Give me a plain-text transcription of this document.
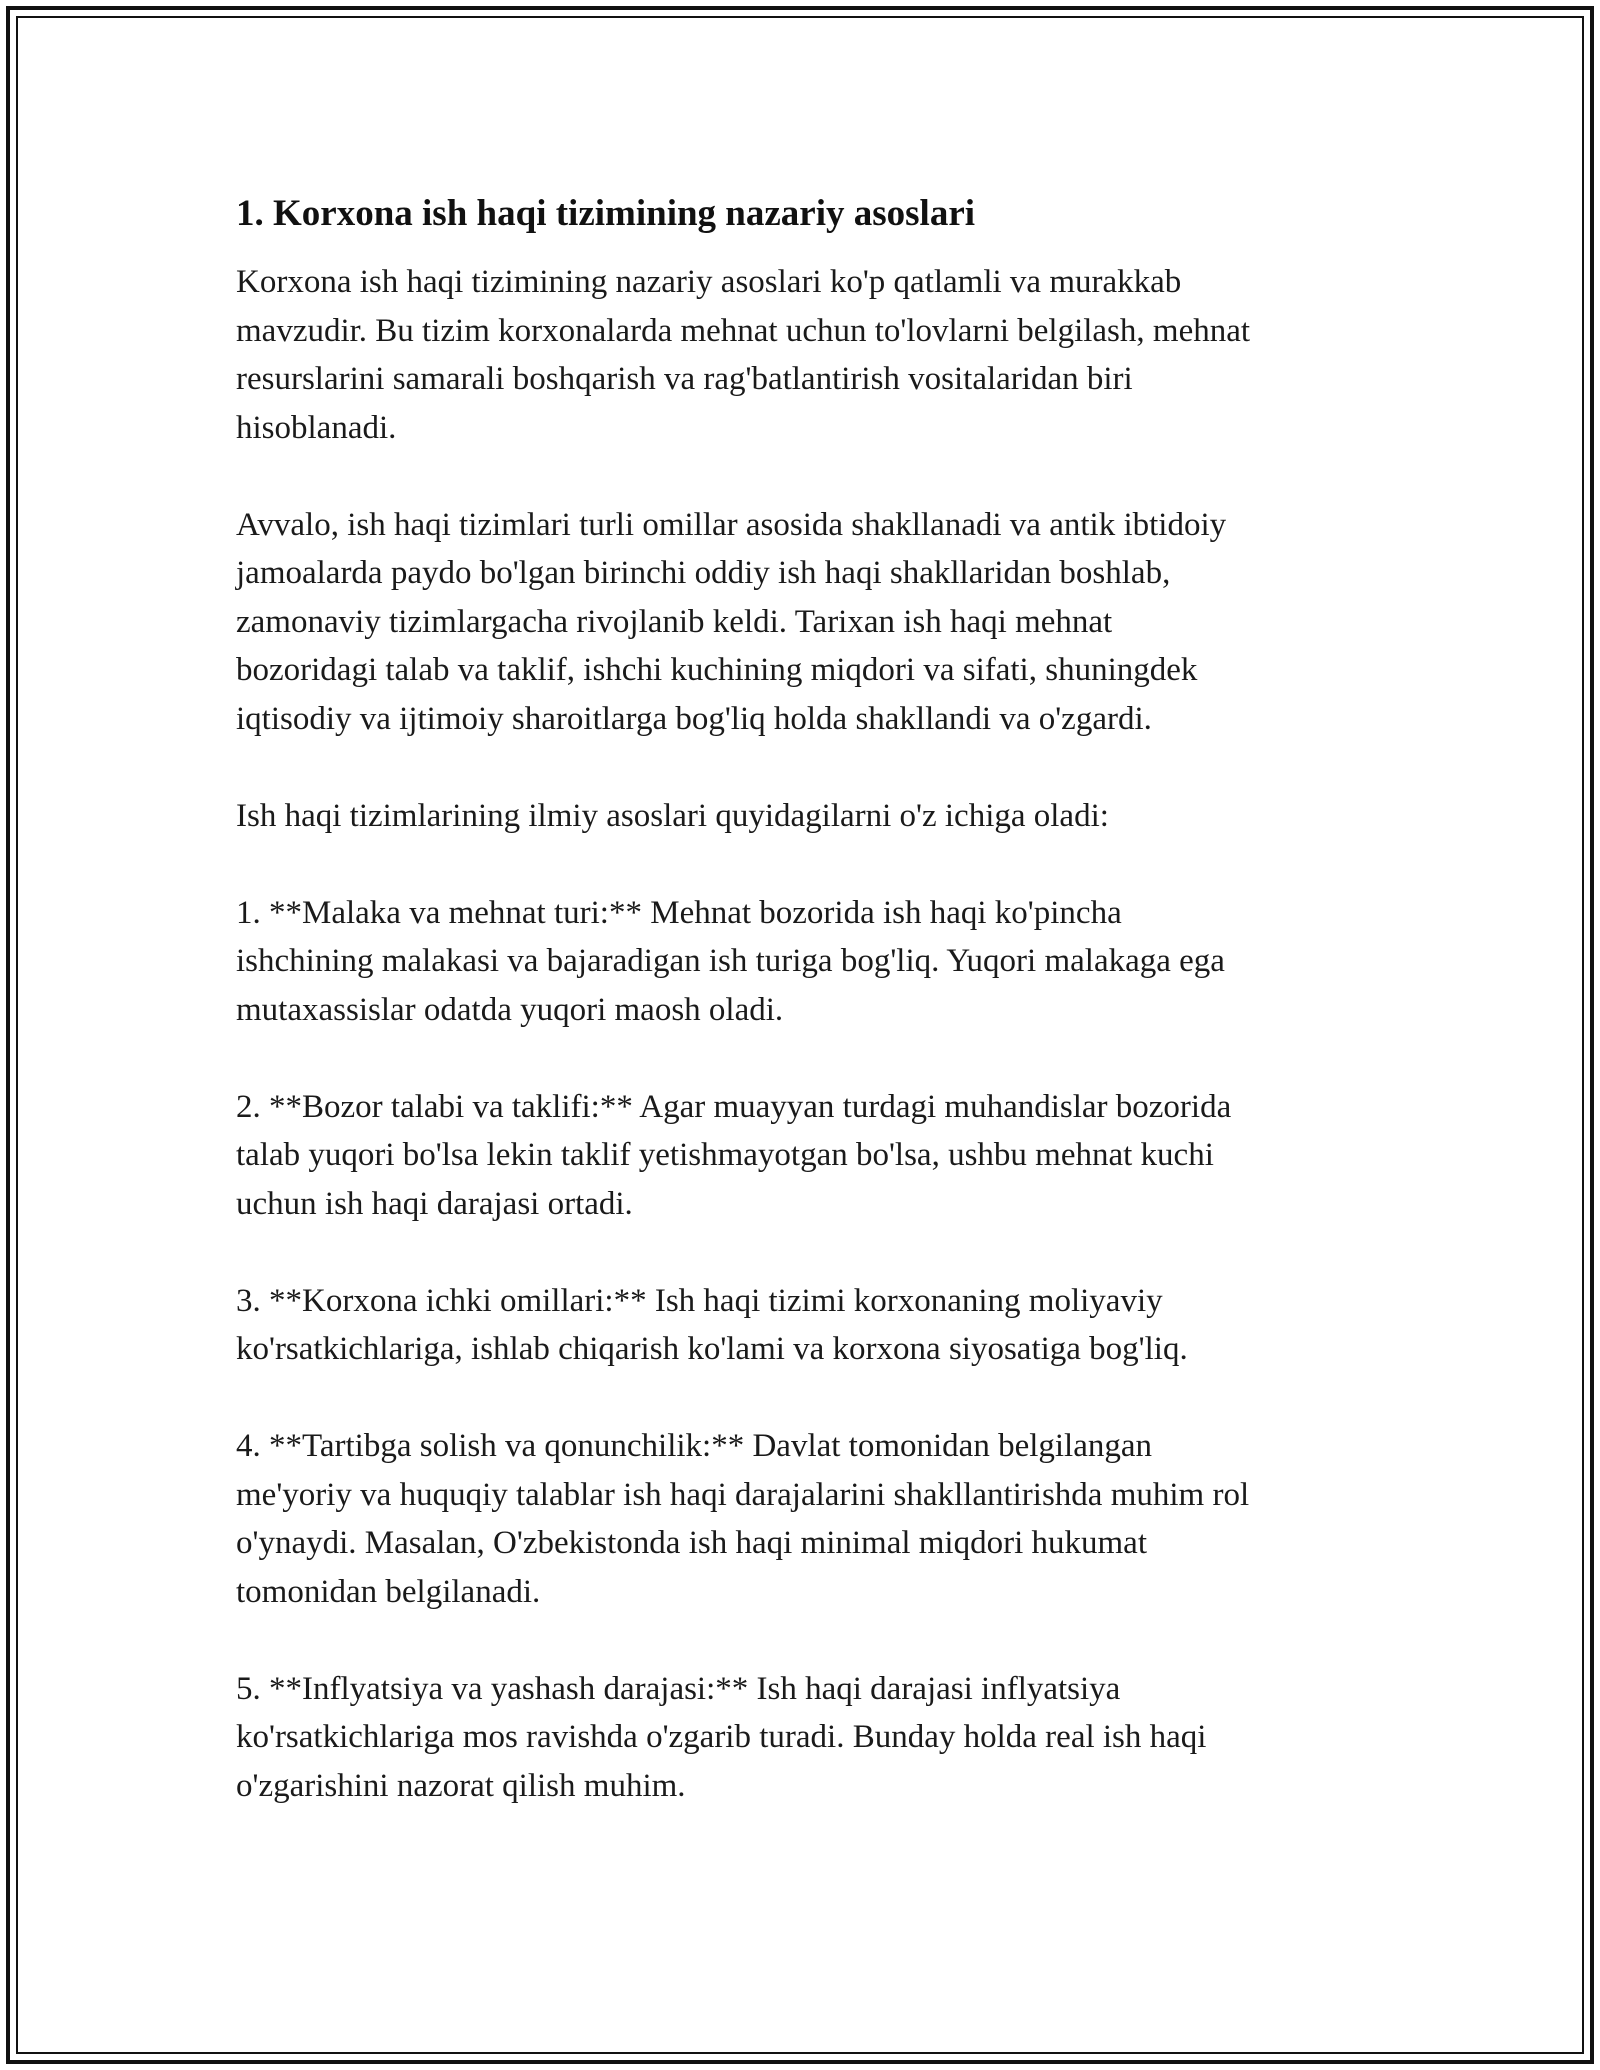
1. Korxona ish haqi tizimining nazariy asoslari
Korxona ish haqi tizimining nazariy asoslari ko'p qatlamli va murakkab
mavzudir. Bu tizim korxonalarda mehnat uchun to'lovlarni belgilash, mehnat
resurslarini samarali boshqarish va rag'batlantirish vositalaridan biri
hisoblanadi.
Avvalo, ish haqi tizimlari turli omillar asosida shakllanadi va antik ibtidoiy
jamoalarda paydo bo'lgan birinchi oddiy ish haqi shakllaridan boshlab,
zamonaviy tizimlargacha rivojlanib keldi. Tarixan ish haqi mehnat
bozoridagi talab va taklif, ishchi kuchining miqdori va sifati, shuningdek
iqtisodiy va ijtimoiy sharoitlarga bog'liq holda shakllandi va o'zgardi.
Ish haqi tizimlarining ilmiy asoslari quyidagilarni o'z ichiga oladi:
1. **Malaka va mehnat turi:** Mehnat bozorida ish haqi ko'pincha
ishchining malakasi va bajaradigan ish turiga bog'liq. Yuqori malakaga ega
mutaxassislar odatda yuqori maosh oladi.
2. **Bozor talabi va taklifi:** Agar muayyan turdagi muhandislar bozorida
talab yuqori bo'lsa lekin taklif yetishmayotgan bo'lsa, ushbu mehnat kuchi
uchun ish haqi darajasi ortadi.
3. **Korxona ichki omillari:** Ish haqi tizimi korxonaning moliyaviy
ko'rsatkichlariga, ishlab chiqarish ko'lami va korxona siyosatiga bog'liq.
4. **Tartibga solish va qonunchilik:** Davlat tomonidan belgilangan
me'yoriy va huquqiy talablar ish haqi darajalarini shakllantirishda muhim rol
o'ynaydi. Masalan, O'zbekistonda ish haqi minimal miqdori hukumat
tomonidan belgilanadi.
5. **Inflyatsiya va yashash darajasi:** Ish haqi darajasi inflyatsiya
ko'rsatkichlariga mos ravishda o'zgarib turadi. Bunday holda real ish haqi
o'zgarishini nazorat qilish muhim.
